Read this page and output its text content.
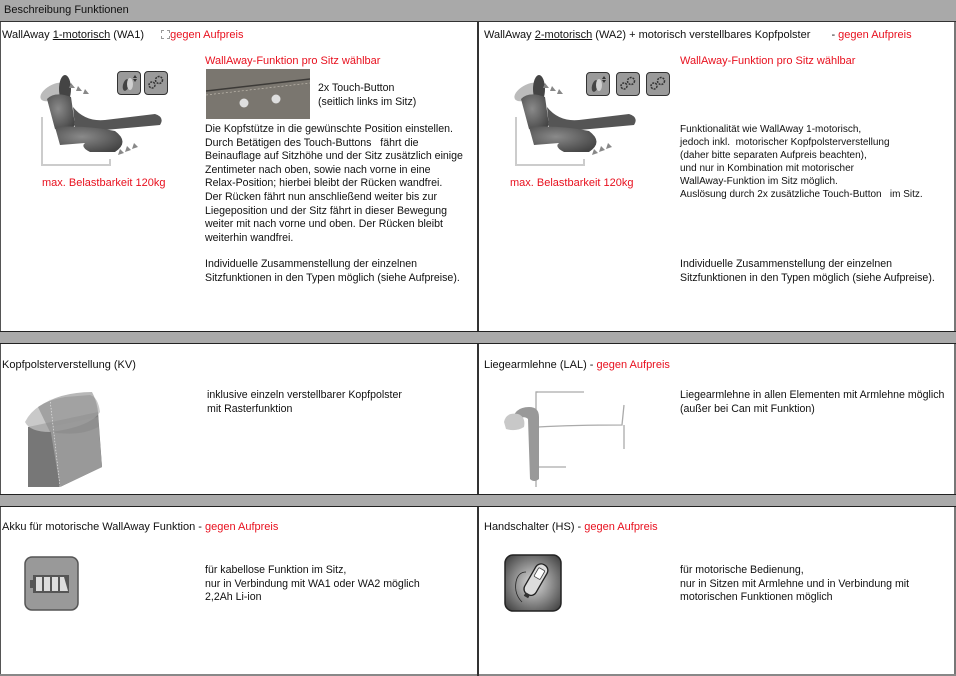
Beschreibung Funktionen
WallAway 1-motorisch (WA1) gegen Aufpreis
max. Belastbarkeit 120kg
WallAway-Funktion pro Sitz wählbar

2x Touch-Button

(seitlich links im Sitz)

Die Kopfstütze in die gewünschte Position einstellen.

Durch Betätigen des Touch-Buttons   fährt die

Beinauflage auf Sitzhöhe und der Sitz zusätzlich einige

Zentimeter nach oben, sowie nach vorne in eine

Relax-Position; hierbei bleibt der Rücken wandfrei.

Der Rücken fährt nun anschließend weiter bis zur

Liegeposition und der Sitz fährt in dieser Bewegung

weiter mit nach vorne und oben. Der Rücken bleibt

weiterhin wandfrei.

Individuelle Zusammenstellung der einzelnen

Sitzfunktionen in den Typen möglich (siehe Aufpreise).

WallAway 2-motorisch (WA2) + motorisch verstellbares Kopfpolster - gegen Aufpreis
WallAway-Funktion pro Sitz wählbar
max. Belastbarkeit 120kg

Funktionalität wie WallAway 1-motorisch,

jedoch inkl.  motorischer Kopfpolsterverstellung

(daher bitte separaten Aufpreis beachten),

und nur in Kombination mit motorischer

WallAway-Funktion im Sitz möglich.

Auslösung durch 2x zusätzliche Touch-Button   im Sitz.

Individuelle Zusammenstellung der einzelnen

Sitzfunktionen in den Typen möglich (siehe Aufpreise).

Kopfpolsterverstellung (KV)

inklusive einzeln verstellbarer Kopfpolster

mit Rasterfunktion

Liegearmlehne (LAL) - gegen Aufpreis

Liegearmlehne in allen Elementen mit Armlehne möglich

(außer bei Can mit Funktion)

Akku für motorische WallAway Funktion - gegen Aufpreis

für kabellose Funktion im Sitz,

nur in Verbindung mit WA1 oder WA2 möglich

2,2Ah Li-ion

Handschalter (HS) - gegen Aufpreis

für motorische Bedienung,

nur in Sitzen mit Armlehne und in Verbindung mit

motorischen Funktionen möglich
